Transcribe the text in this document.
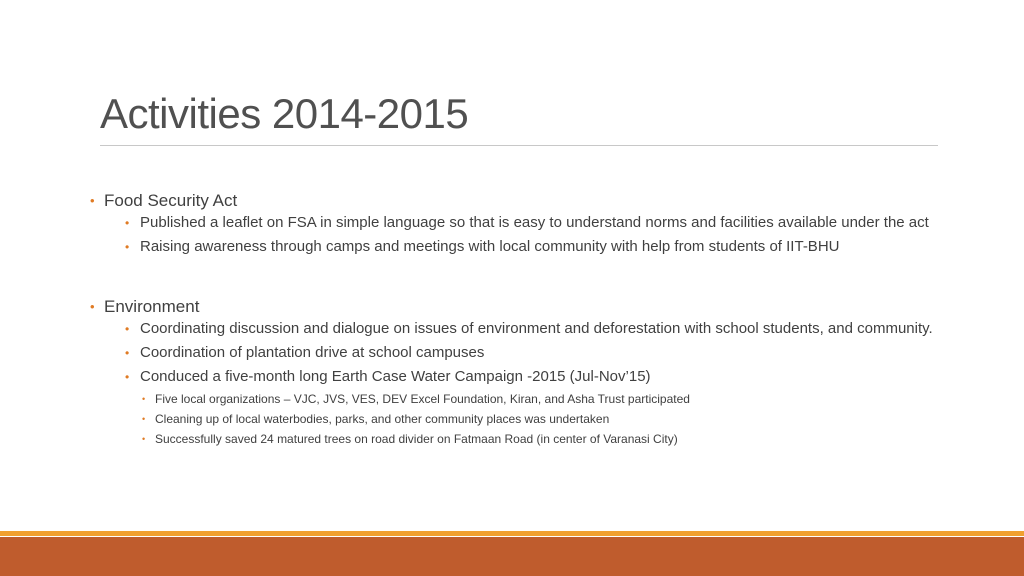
Activities 2014-2015
• Food Security Act
• Published a leaflet on FSA in simple language so that is easy to understand norms and facilities available under the act
• Raising awareness through camps and meetings with local community with help from students of IIT-BHU
• Environment
• Coordinating discussion and dialogue on issues of environment and deforestation with school students, and community.
• Coordination of plantation drive at school campuses
• Conduced a five-month long Earth Case Water Campaign -2015 (Jul-Nov’15)
• Five local organizations – VJC, JVS, VES, DEV Excel Foundation, Kiran, and Asha Trust participated
• Cleaning up of local waterbodies, parks, and other community places was undertaken
• Successfully saved 24 matured trees on road divider on Fatmaan Road (in center of Varanasi City)
